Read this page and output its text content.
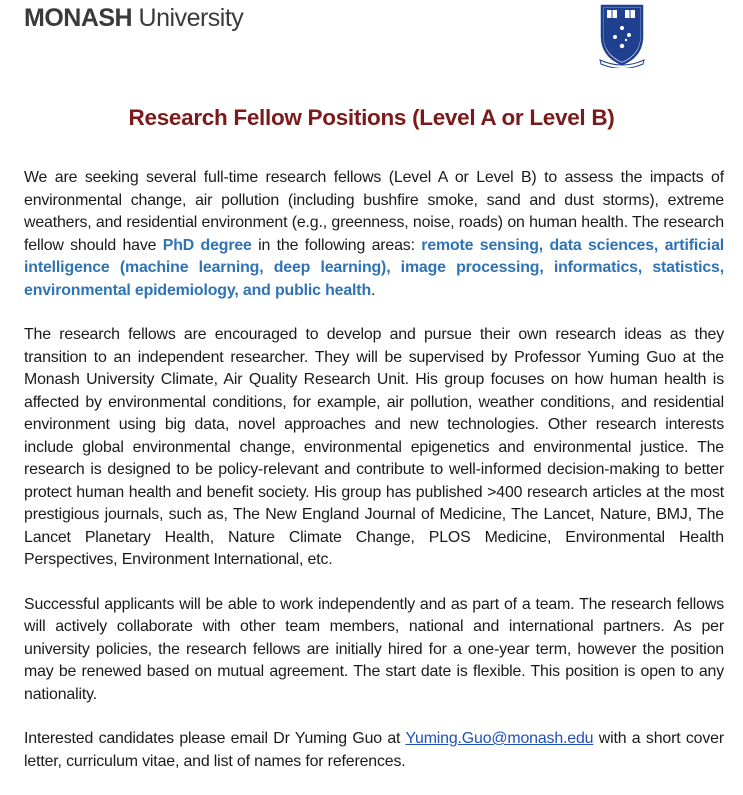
MONASH University
Research Fellow Positions (Level A or Level B)

We are seeking several full-time research fellows (Level A or Level B) to assess the impacts of environmental change, air pollution (including bushfire smoke, sand and dust storms), extreme weathers, and residential environment (e.g., greenness, noise, roads) on human health. The research fellow should have PhD degree in the following areas: remote sensing, data sciences, artificial intelligence (machine learning, deep learning), image processing, informatics, statistics, environmental epidemiology, and public health.

The research fellows are encouraged to develop and pursue their own research ideas as they transition to an independent researcher. They will be supervised by Professor Yuming Guo at the Monash University Climate, Air Quality Research Unit. His group focuses on how human health is affected by environmental conditions, for example, air pollution, weather conditions, and residential environment using big data, novel approaches and new technologies. Other research interests include global environmental change, environmental epigenetics and environmental justice. The research is designed to be policy-relevant and contribute to well-informed decision-making to better protect human health and benefit society. His group has published >400 research articles at the most prestigious journals, such as, The New England Journal of Medicine, The Lancet, Nature, BMJ, The Lancet Planetary Health, Nature Climate Change, PLOS Medicine, Environmental Health Perspectives, Environment International, etc.

Successful applicants will be able to work independently and as part of a team. The research fellows will actively collaborate with other team members, national and international partners. As per university policies, the research fellows are initially hired for a one-year term, however the position may be renewed based on mutual agreement. The start date is flexible. This position is open to any nationality.

Interested candidates please email Dr Yuming Guo at Yuming.Guo@monash.edu with a short cover letter, curriculum vitae, and list of names for references.
